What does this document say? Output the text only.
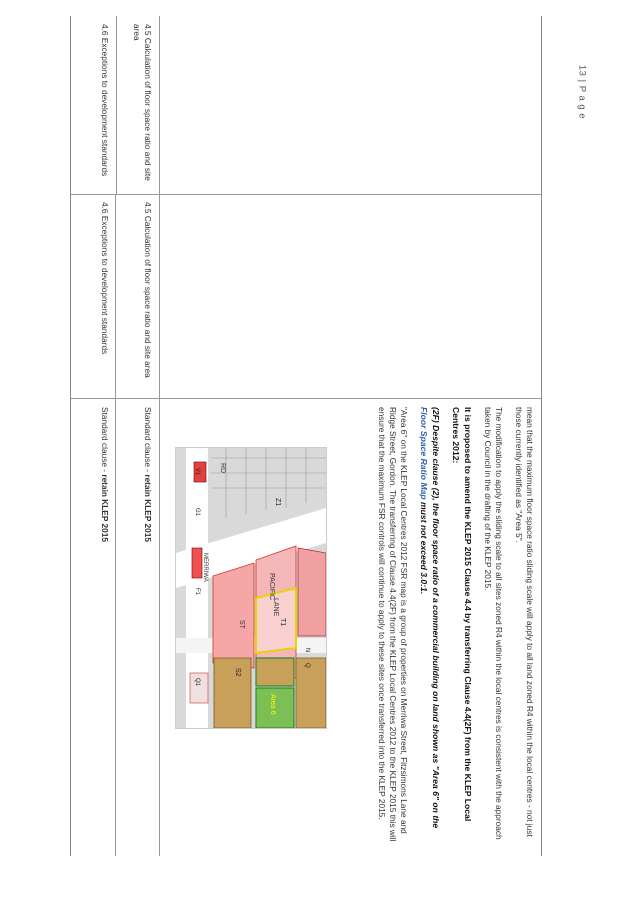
13 | P a g e

mean that the maximum floor space ratio sliding scale will apply to all land zoned R4 within the local centres - not just those currently identified as "Area 5".

The modification to apply the sliding scale to all sites zoned R4 within the local centres is consistent with the approach taken by Council in the drafting of the KLEP 2015.

It is proposed to amend the KLEP 2015 Clause 4.4 by transferring Clause 4.4(2F) from the KLEP Local Centres 2012:

(2F) Despite clause (2), the floor space ratio of a commercial building on land shown as "Area 6" on the Floor Space Ratio Map must not exceed 3.0:1.

"Area 6" on the KLEP Local Centres 2012 FSR map is a group of properties on Merriwa Street, Fitzsimons Lane and Ridge Street, Gordon. The transferring of Clause 4.4(2F) from the KLEP Local Centres 2012 to the KLEP 2015 this will ensure that the maximum FSR controls will continue to apply to these sites once transferred into the KLEP 2015.

PACIFIC
LANE
ST
RD
MERRIWA
S2
Area 6
Z1
T1
V1
Q1
N
Q
G1
F1
4.5 Calculation of floor space ratio and site area
4.5 Calculation of floor space ratio and site area
Standard clause - retain KLEP 2015
4.6 Exceptions to development standards
4.6 Exceptions to development standards
Standard clause - retain KLEP 2015
